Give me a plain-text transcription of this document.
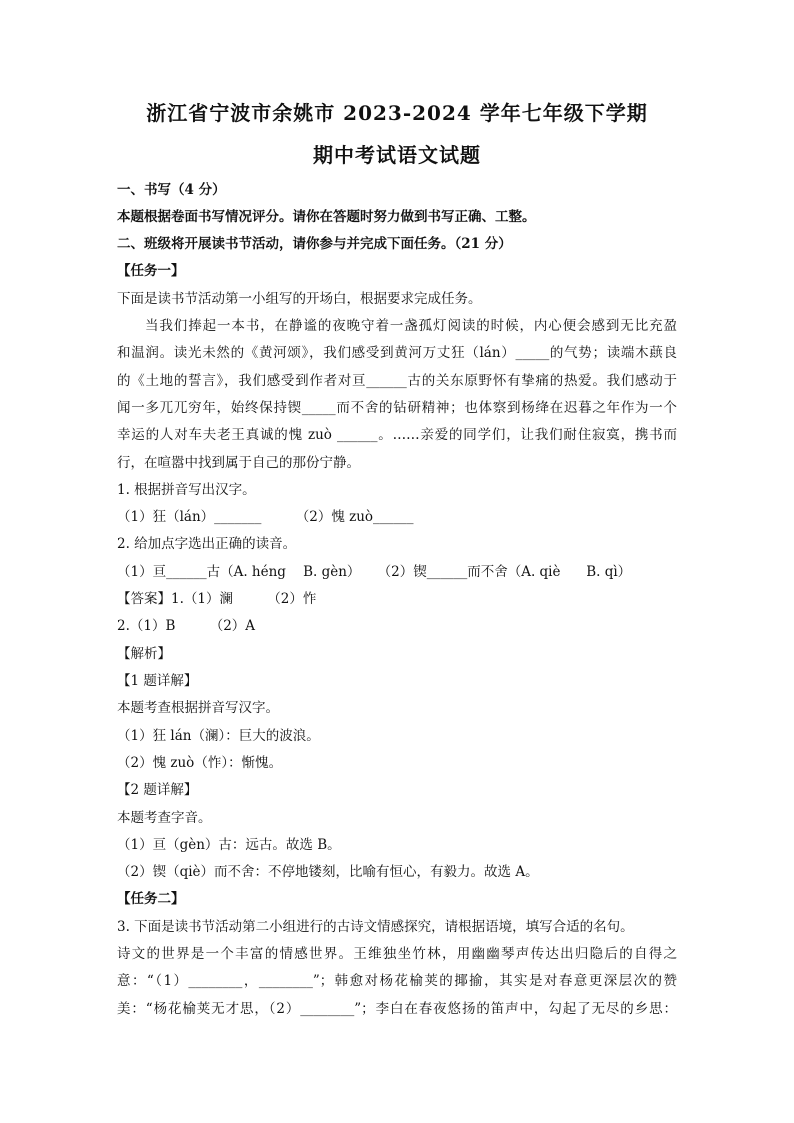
浙江省宁波市余姚市 2023-2024 学年七年级下学期
期中考试语文试题
一、书写（4 分）
本题根据卷面书写情况评分。请你在答题时努力做到书写正确、工整。
二、班级将开展读书节活动，请你参与并完成下面任务。（21 分）
【任务一】
下面是读书节活动第一小组写的开场白，根据要求完成任务。
当我们捧起一本书，在静谧的夜晚守着一盏孤灯阅读的时候，内心便会感到无比充盈
和温润。读光未然的《黄河颂》，我们感受到黄河万丈狂（lán）_____的气势；读端木蕻良
的《土地的誓言》，我们感受到作者对亘______古的关东原野怀有挚痛的热爱。我们感动于
闻一多兀兀穷年，始终保持锲_____而不舍的钻研精神；也体察到杨绛在迟暮之年作为一个
幸运的人对车夫老王真诚的愧 zuò ______。……亲爱的同学们，让我们耐住寂寞，携书而
行，在喧嚣中找到属于自己的那份宁静。
1. 根据拼音写出汉字。
（1）狂（lán）_______        （2）愧 zuò______
2. 给加点字选出正确的读音。
（1）亘______古（A. héng    B. gèn）    （2）锲______而不舍（A. qiè      B. qì）
【答案】1.（1）澜        （2）怍
2.（1）B        （2）A
【解析】
【1 题详解】
本题考查根据拼音写汉字。
（1）狂 lán（澜）：巨大的波浪。
（2）愧 zuò（怍）：惭愧。
【2 题详解】
本题考查字音。
（1）亘（gèn）古：远古。故选 B。
（2）锲（qiè）而不舍：不停地镂刻，比喻有恒心，有毅力。故选 A。
【任务二】
3. 下面是读书节活动第二小组进行的古诗文情感探究，请根据语境，填写合适的名句。
诗文的世界是一个丰富的情感世界。王维独坐竹林，用幽幽琴声传达出归隐后的自得之
意：“（1）________，________”；韩愈对杨花榆荚的揶揄，其实是对春意更深层次的赞
美：“杨花榆荚无才思，（2）________”；李白在春夜悠扬的笛声中，勾起了无尽的乡思：
